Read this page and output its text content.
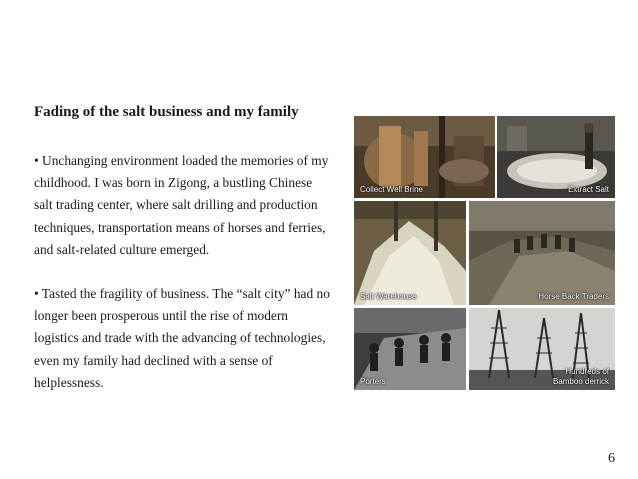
Fading of the salt business and my family

• Unchanging environment loaded the memories of my childhood. I was born in Zigong, a bustling Chinese salt trading center, where salt drilling and production techniques, transportation means of horses and ferries, and salt-related culture emerged.

• Tasted the fragility of business. The “salt city” had no longer been prosperous until the rise of modern logistics and trade with the advancing of technologies, even my family had declined with a sense of helplessness.

Collect Well Brine	Extract Salt
Salt Warehouse	Horse Back Traders
Porters
Hundreds of
Bamboo derrick
6
